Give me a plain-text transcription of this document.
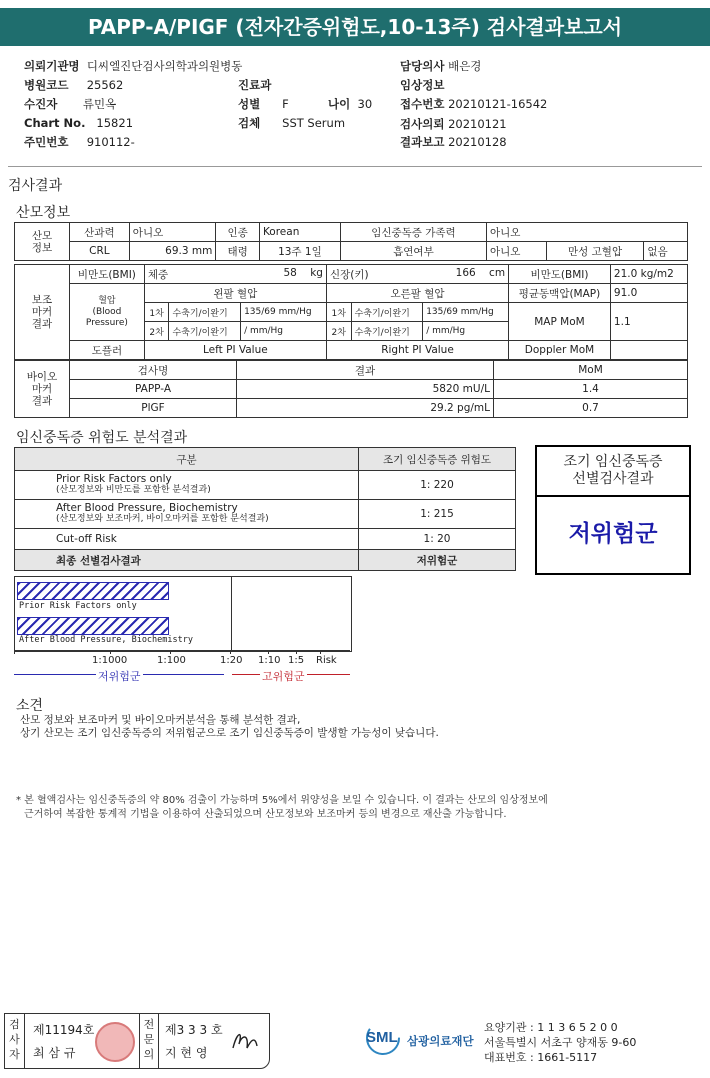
PAPP-A/PIGF (전자간증위험도,10-13주) 검사결과보고서
의뢰기관명 디씨엘진단검사의학과의원병동
병원코드 25562
수진자 류민옥
Chart No. 15821
주민번호 910112-
진료과
성별 F	나이 30
검체 SST Serum
담당의사 배은경
임상정보
접수번호 20210121-16542
검사의뢰 20210121
결과보고 20210128
검사결과
산모정보
산모
정보	산과력	아니오	인종	Korean	임신중독증 가족력	아니오		
	CRL	69.3 mm	태령	13주 1일	흡연여부	아니오	만성 고혈압	없음
보조
마커
결과	비만도(BMI)	체중 58 kg			신장(키) 166 cm			비만도(BMI)	21.0 kg/m2
	혈압
(Blood
Pressure)	왼팔 혈압			오른팔 혈압			평균동맥압(MAP)	91.0
		1차	수축기/이완기	135/69 mm/Hg	1차	수축기/이완기	135/69 mm/Hg	MAP MoM	1.1
		2차	수축기/이완기	/ mm/Hg	2차	수축기/이완기	/ mm/Hg		
	도플러	Left PI Value			Right PI Value			Doppler MoM	
바이오
마커
결과	검사명	결과	MoM
	PAPP-A	5820 mU/L	1.4
	PlGF	29.2 pg/mL	0.7
임신중독증 위험도 분석결과
구분	조기 임신중독증 위험도

Prior Risk Factors only
(산모정보와 비만도를 포함한 분석결과)	1: 220

After Blood Pressure, Biochemistry
(산모정보와 보조마커, 바이오마커를 포함한 분석결과)	1: 215

Cut-off Risk	1: 20

최종 선별검사결과	저위험군
조기 임신중독증
선별검사결과
저위험군
Prior Risk Factors only
After Blood Pressure, Biochemistry
1:1000	1:100	1:20 1:10 1:5 Risk
저위험군	고위험군
소견
산모 정보와 보조마커 및 바이오마커분석을 통해 분석한 결과,
상기 산모는 조기 임신중독증의 저위험군으로 조기 임신중독증이 발생할 가능성이 낮습니다.
* 본 혈액검사는 임신중독증의 약 80% 검출이 가능하며 5%에서 위양성을 보일 수 있습니다. 이 결과는 산모의 임상정보에
근거하여 복잡한 통계적 기법을 이용하여 산출되었으며 산모정보와 보조마커 등의 변경으로 재산출 가능합니다.
검
사
자
제11194호
최 삼 규
전
문
의
제3 3 3 호
지 현 영
SML 삼광의료재단
요양기관 : 1 1 3 6 5 2 0 0
서울특별시 서초구 양재동 9-60
대표번호 : 1661-5117
